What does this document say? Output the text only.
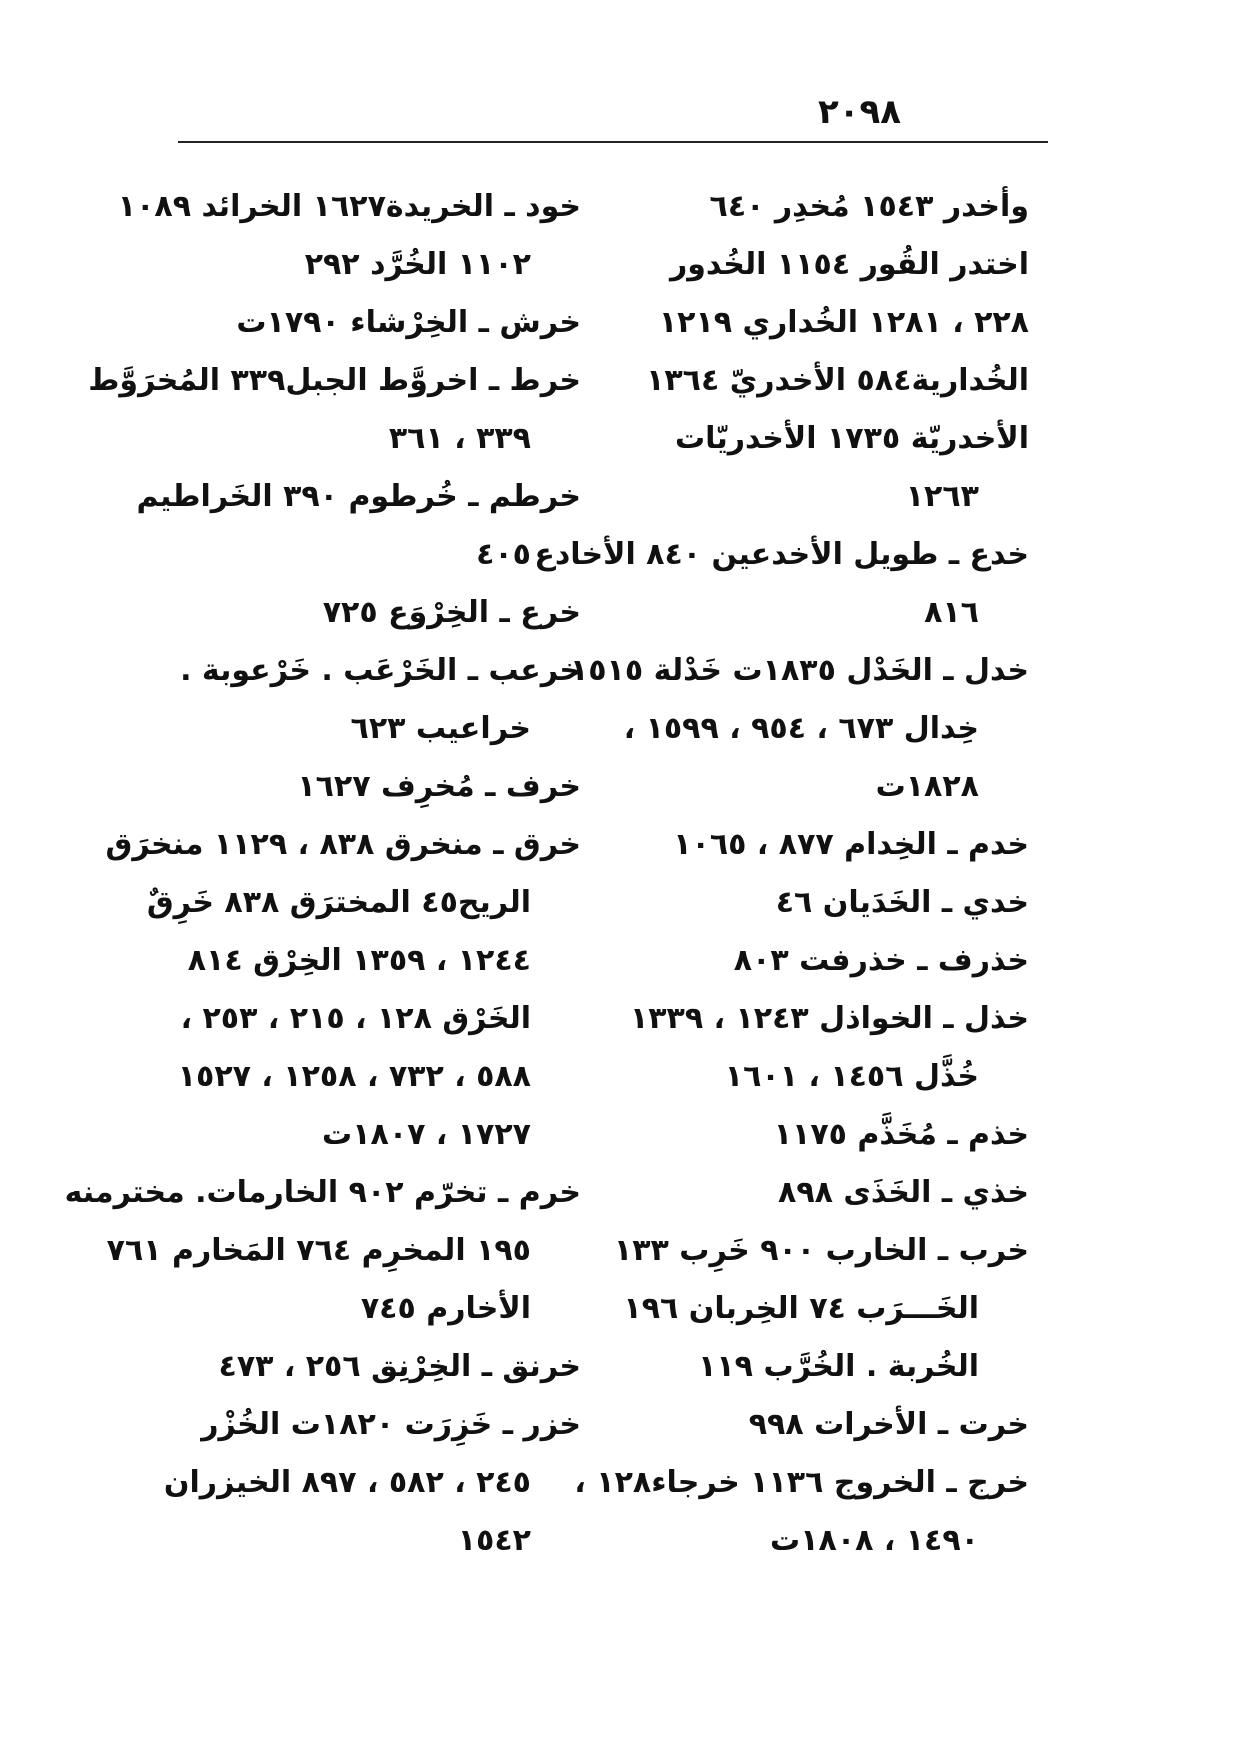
٢٠٩٨
وأخدر ١٥٤٣ مُخدِر ٦٤٠
اختدر القُور ١١٥٤ الخُدور
٢٢٨ ، ١٢٨١ الخُداري ١٢١٩
الخُدارية٥٨٤ الأخدريّ ١٣٦٤
الأخدريّة ١٧٣٥ الأخدريّات
١٢٦٣
خدع ـ طويل الأخدعين ٨٤٠ الأخادع
٨١٦
خدل ـ الخَدْل ١٨٣٥ت خَدْلة ١٥١٥
خِدال ٦٧٣ ، ٩٥٤ ، ١٥٩٩ ،
١٨٢٨ت
خدم ـ الخِدام ٨٧٧ ، ١٠٦٥
خدي ـ الخَدَيان ٤٦
خذرف ـ خذرفت ٨٠٣
خذل ـ الخواذل ١٢٤٣ ، ١٣٣٩
خُذَّل ١٤٥٦ ، ١٦٠١
خذم ـ مُخَذَّم ١١٧٥
خذي ـ الخَذَى ٨٩٨
خرب ـ الخارب ٩٠٠ خَرِب ١٣٣
الخَـــرَب ٧٤ الخِربان ١٩٦
الخُربة . الخُرَّب ١١٩
خرت ـ الأخرات ٩٩٨
خرج ـ الخروج ١١٣٦ خرجاء١٢٨ ،
١٤٩٠ ، ١٨٠٨ت
خود ـ الخريدة١٦٢٧ الخرائد ١٠٨٩
١١٠٢ الخُرَّد ٢٩٢
خرش ـ الخِرْشاء ١٧٩٠ت
خرط ـ اخروَّط الجبل٣٣٩ المُخرَوَّط
٣٣٩ ، ٣٦١
خرطم ـ خُرطوم ٣٩٠ الخَراطيم
٤٠٥
خرع ـ الخِرْوَع ٧٢٥
خرعب ـ الخَرْعَب . خَرْعوبة .
خراعيب ٦٢٣
خرف ـ مُخرِف ١٦٢٧
خرق ـ منخرق ٨٣٨ ، ١١٢٩ منخرَق
الريح٤٥ المخترَق ٨٣٨ خَرِقٌ
١٢٤٤ ، ١٣٥٩ الخِرْق ٨١٤
الخَرْق ١٢٨ ، ٢١٥ ، ٢٥٣ ،
٥٨٨ ، ٧٣٢ ، ١٢٥٨ ، ١٥٢٧
١٧٢٧ ، ١٨٠٧ت
خرم ـ تخرّم ٩٠٢ الخارمات. مخترمنه
١٩٥ المخرِم ٧٦٤ المَخارم ٧٦١
الأخارم ٧٤٥
خرنق ـ الخِرْنِق ٢٥٦ ، ٤٧٣
خزر ـ خَزِرَت ١٨٢٠ت الخُزْر
٢٤٥ ، ٥٨٢ ، ٨٩٧ الخيزران
١٥٤٢
